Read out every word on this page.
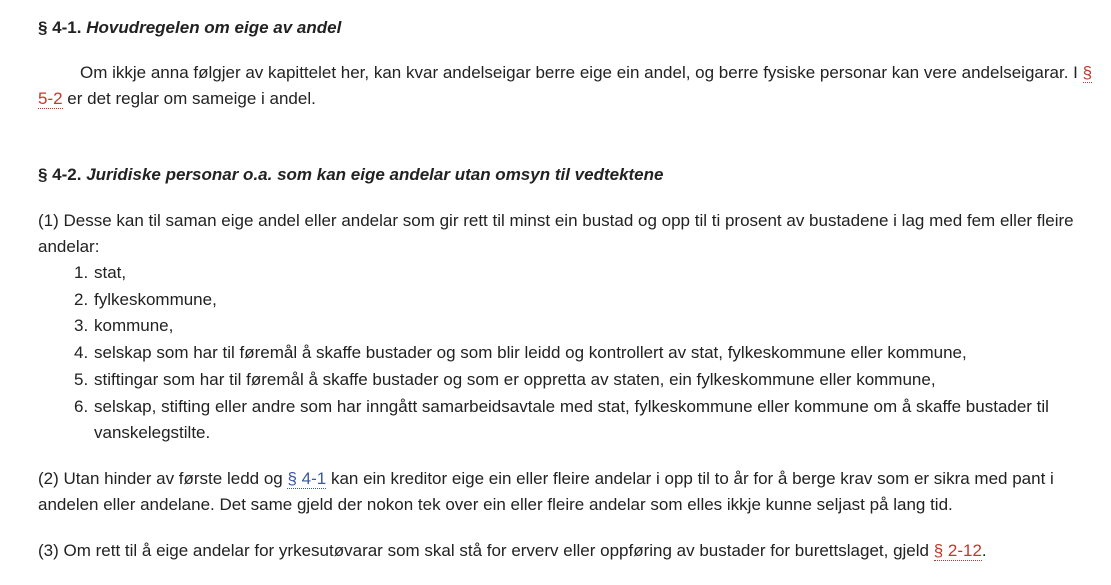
§ 4-1. Hovudregelen om eige av andel

Om ikkje anna følgjer av kapittelet her, kan kvar andelseigar berre eige ein andel, og berre fysiske personar kan vere andelseigarar. I § 5-2 er det reglar om sameige i andel.

§ 4-2. Juridiske personar o.a. som kan eige andelar utan omsyn til vedtektene

(1) Desse kan til saman eige andel eller andelar som gir rett til minst ein bustad og opp til ti prosent av bustadene i lag med fem eller fleire andelar:

1. stat,
2. fylkeskommune,
3. kommune,
4. selskap som har til føremål å skaffe bustader og som blir leidd og kontrollert av stat, fylkeskommune eller kommune,
5. stiftingar som har til føremål å skaffe bustader og som er oppretta av staten, ein fylkeskommune eller kommune,
6. selskap, stifting eller andre som har inngått samarbeidsavtale med stat, fylkeskommune eller kommune om å skaffe bustader til vanskelegstilte.

(2) Utan hinder av første ledd og § 4-1 kan ein kreditor eige ein eller fleire andelar i opp til to år for å berge krav som er sikra med pant i andelen eller andelane. Det same gjeld der nokon tek over ein eller fleire andelar som elles ikkje kunne seljast på lang tid.

(3) Om rett til å eige andelar for yrkesutøvarar som skal stå for erverv eller oppføring av bustader for burettslaget, gjeld § 2-12.
